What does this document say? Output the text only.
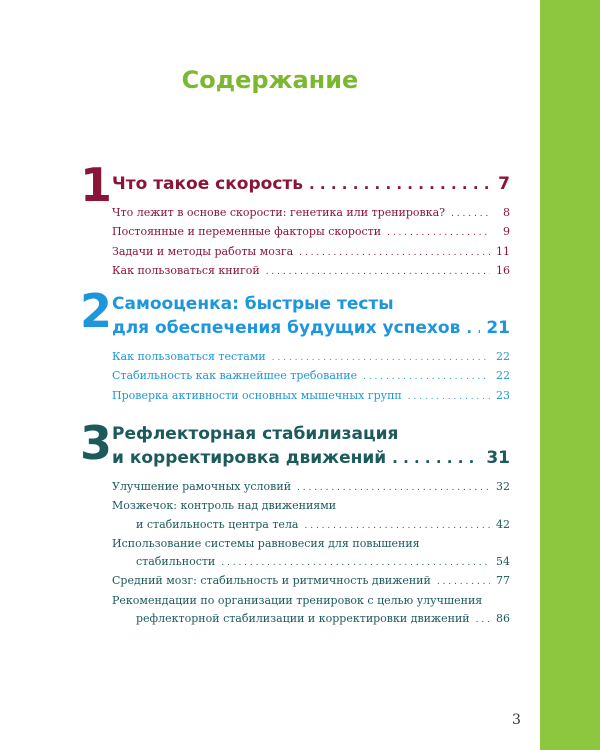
Содержание
1 Что такое скорость . . .	7
Что лежит в основе скорости: генетика или тренировка? . . .	8
Постоянные и переменные факторы скорости . . .	9
Задачи и методы работы мозга . . .	11
Как пользоваться книгой . . .	16
2 Самооценка: быстрые тесты
для обеспечения будущих успехов . . . 21
Как пользоваться тестами . . .	22
Стабильность как важнейшее требование . . .	22
Проверка активности основных мышечных групп . . .	23
3 Рефлекторная стабилизация
и корректировка движений . . .	31
Улучшение рамочных условий . . .	32
Мозжечок: контроль над движениями
и стабильность центра тела . . .	42
Использование системы равновесия для повышения
стабильности . . .	54
Средний мозг: стабильность и ритмичность движений . . .	77
Рекомендации по организации тренировок с целью улучшения
рефлекторной стабилизации и корректировки движений . . . 86
3
